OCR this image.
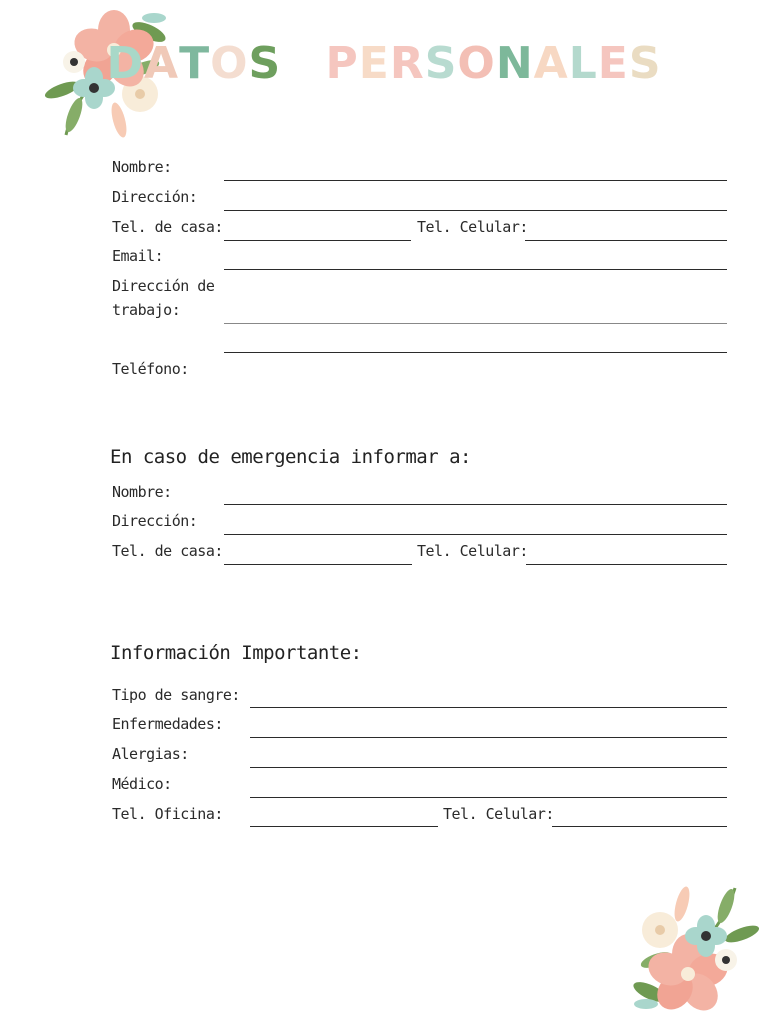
DATOS PERSONALES
Nombre:
Dirección:
Tel. de casa:	Tel. Celular:
Email:
Dirección de trabajo:
Teléfono:
En caso de emergencia informar a:
Nombre:
Dirección:
Tel. de casa:	Tel. Celular:
Información Importante:
Tipo de sangre:
Enfermedades:
Alergias:
Médico:
Tel. Oficina:	Tel. Celular:
